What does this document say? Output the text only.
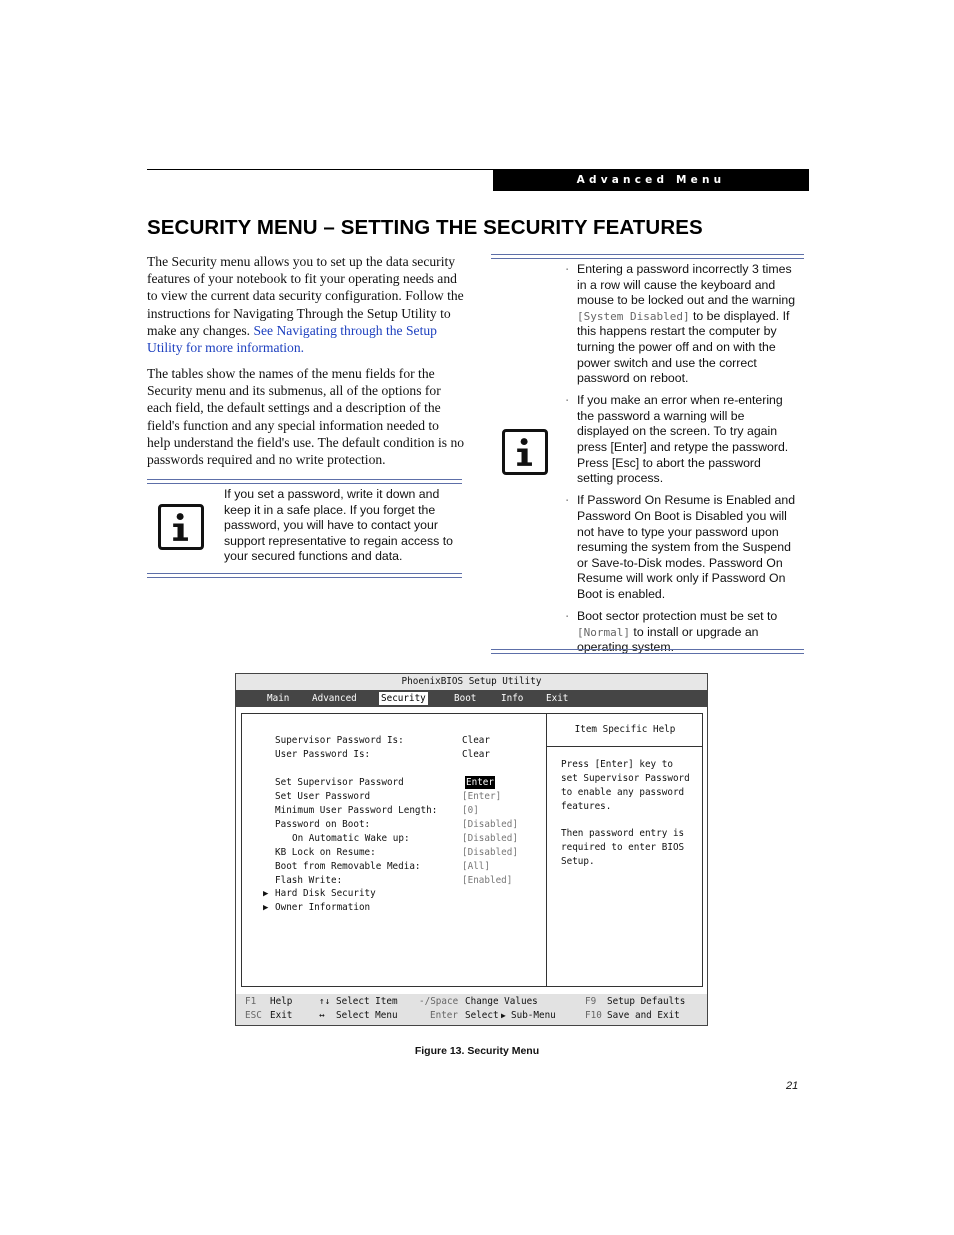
Advanced Menu
SECURITY MENU – SETTING THE SECURITY FEATURES

The Security menu allows you to set up the data security features of your notebook to fit your operating needs and to view the current data security configuration. Follow the instructions for Navigating Through the Setup Utility to make any changes. See Navigating through the Setup Utility for more information.

The tables show the names of the menu fields for the Security menu and its submenus, all of the options for each field, the default settings and a description of the field's function and any special information needed to help understand the field's use. The default condition is no passwords required and no write protection.

If you set a password, write it down and keep it in a safe place. If you forget the password, you will have to contact your support representative to regain access to your secured functions and data.

▪ Entering a password incorrectly 3 times in a row will cause the keyboard and mouse to be locked out and the warning [System Disabled] to be displayed. If this happens restart the computer by turning the power off and on with the power switch and use the correct password on reboot.
▪ If you make an error when re-entering the password a warning will be displayed on the screen. To try again press [Enter] and retype the password. Press [Esc] to abort the password setting process.
▪ If Password On Resume is Enabled and Password On Boot is Disabled you will not have to type your password upon resuming the system from the Suspend or Save-to-Disk modes. Password On Resume will work only if Password On Boot is enabled.
▪ Boot sector protection must be set to [Normal] to install or upgrade an operating system.
PhoenixBIOS Setup Utility
Main Advanced	Security	Boot	Info Exit
Supervisor Password Is:	Clear
User Password Is:	Clear
Set Supervisor Password	Enter
Set User Password	[Enter]
Minimum User Password Length:	[0]
Password on Boot:	[Disabled]
On Automatic Wake up:	[Disabled]
KB Lock on Resume:	[Disabled]
Boot from Removable Media:	[All]
Flash Write:	[Enabled]
▶ Hard Disk Security
▶ Owner Information
Item Specific Help
Press [Enter] key to
set Supervisor Password
to enable any password
features.
Then password entry is
required to enter BIOS
Setup.
F1 Help	↑↓ Select Item -/Space Change Values	F9 Setup Defaults
ESC Exit	↔ Select Menu	Enter Select ▶ Sub-Menu	F10 Save and Exit
Figure 13. Security Menu
21
